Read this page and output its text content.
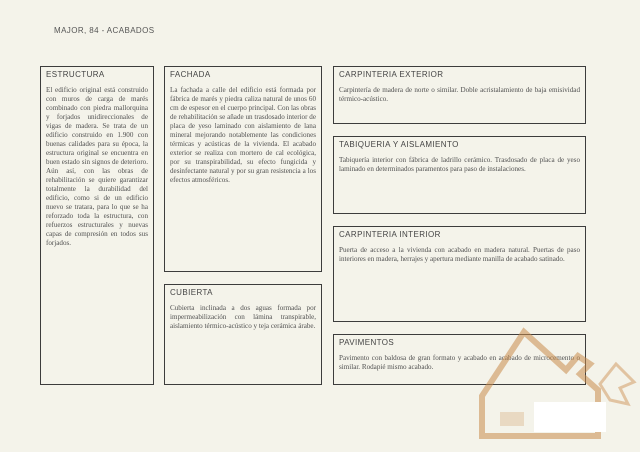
MAJOR, 84 - ACABADOS
ESTRUCTURA

El edificio original está construido con muros de carga de marés combinado con piedra mallorquina y forjados unidireccionales de vigas de madera. Se trata de un edificio construido en 1.900 con buenas calidades para su época, la estructura original se encuentra en buen estado sin signos de deterioro. Aún así, con las obras de rehabilitación se quiere garantizar totalmente la durabilidad del edificio, como si de un edificio nuevo se tratara, para lo que se ha reforzado toda la estructura, con refuerzos estructurales y nuevas capas de compresión en todos sus forjados.

FACHADA

La fachada a calle del edificio está formada por fábrica de marés y piedra caliza natural de unos 60 cm de espesor en el cuerpo principal. Con las obras de rehabilitación se añade un trasdosado interior de placa de yeso laminado con aislamiento de lana mineral mejorando notablemente las condiciones térmicas y acústicas de la vivienda. El acabado exterior se realiza con mortero de cal ecológica, por su transpirabilidad, su efecto fungicida y desinfectante natural y por su gran resistencia a los efectos atmosféricos.

CUBIERTA

Cubierta inclinada a dos aguas formada por impermeabilización con lámina transpirable, aislamiento térmico-acústico y teja cerámica árabe.

CARPINTERIA EXTERIOR

Carpintería de madera de norte o similar. Doble acristalamiento de baja emisividad térmico-acústico.

TABIQUERIA Y AISLAMIENTO

Tabiquería interior con fábrica de ladrillo cerámico. Trasdosado de placa de yeso laminado en determinados paramentos para paso de instalaciones.

CARPINTERIA INTERIOR

Puerta de acceso a la vivienda con acabado en madera natural. Puertas de paso interiores en madera, herrajes y apertura mediante manilla de acabado satinado.

PAVIMENTOS

Pavimento con baldosa de gran formato y acabado en acabado de microcemento o similar. Rodapié mismo acabado.
